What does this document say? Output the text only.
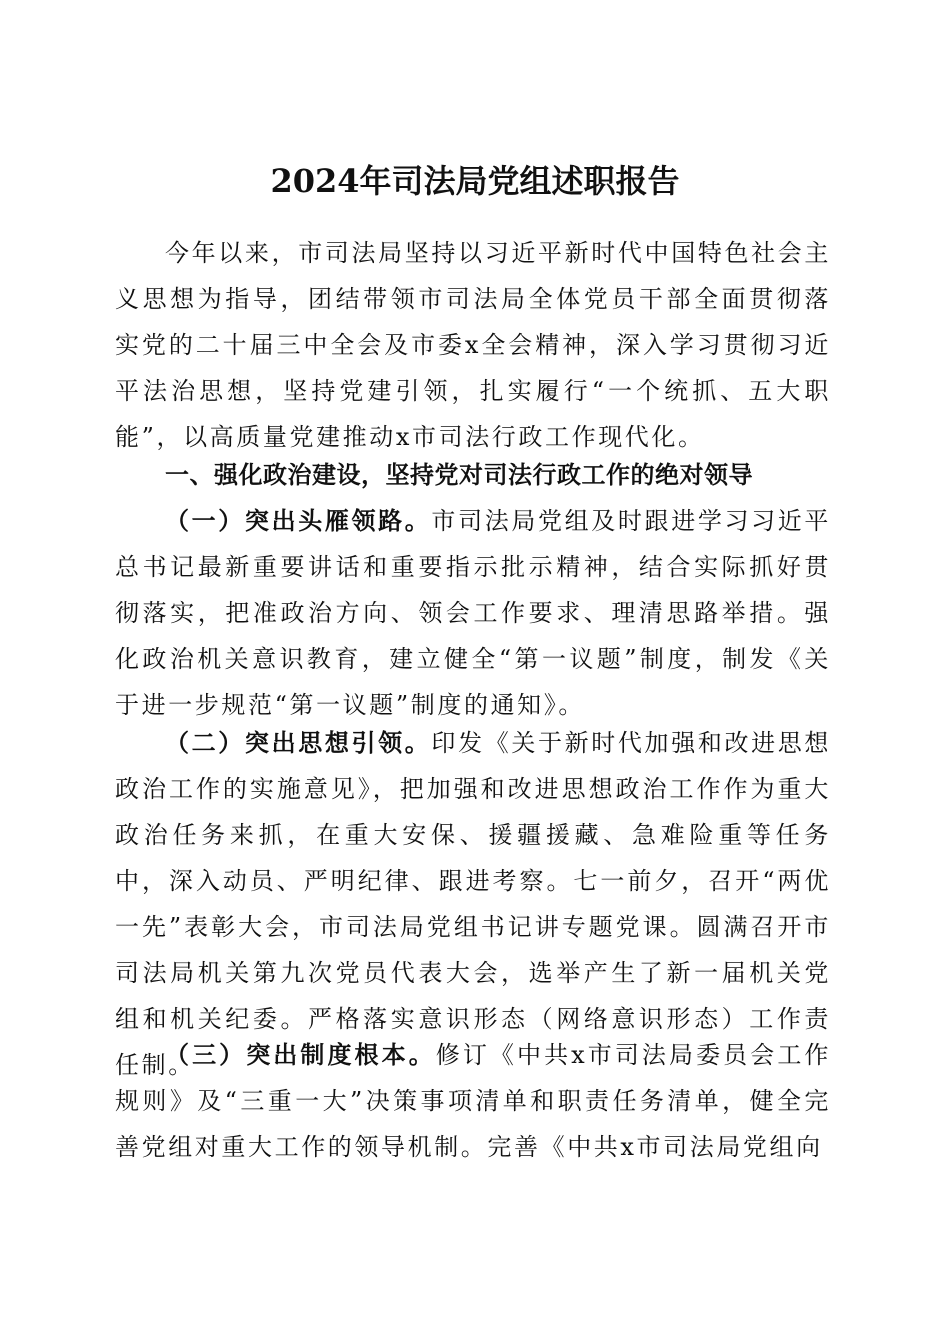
2024年司法局党组述职报告

今年以来，市司法局坚持以习近平新时代中国特色社会主义思想为指导，团结带领市司法局全体党员干部全面贯彻落实党的二十届三中全会及市委x全会精神，深入学习贯彻习近平法治思想，坚持党建引领，扎实履行“一个统抓、五大职能”，以高质量党建推动x市司法行政工作现代化。

一、强化政治建设，坚持党对司法行政工作的绝对领导

（一）突出头雁领路。市司法局党组及时跟进学习习近平总书记最新重要讲话和重要指示批示精神，结合实际抓好贯彻落实，把准政治方向、领会工作要求、理清思路举措。强化政治机关意识教育，建立健全“第一议题”制度，制发《关于进一步规范“第一议题”制度的通知》。

（二）突出思想引领。印发《关于新时代加强和改进思想政治工作的实施意见》，把加强和改进思想政治工作作为重大政治任务来抓，在重大安保、援疆援藏、急难险重等任务中，深入动员、严明纪律、跟进考察。七一前夕，召开“两优一先”表彰大会，市司法局党组书记讲专题党课。圆满召开市司法局机关第九次党员代表大会，选举产生了新一届机关党组和机关纪委。严格落实意识形态（网络意识形态）工作责任制。

（三）突出制度根本。修订《中共x市司法局委员会工作规则》及“三重一大”决策事项清单和职责任务清单，健全完善党组对重大工作的领导机制。完善《中共x市司法局党组向
